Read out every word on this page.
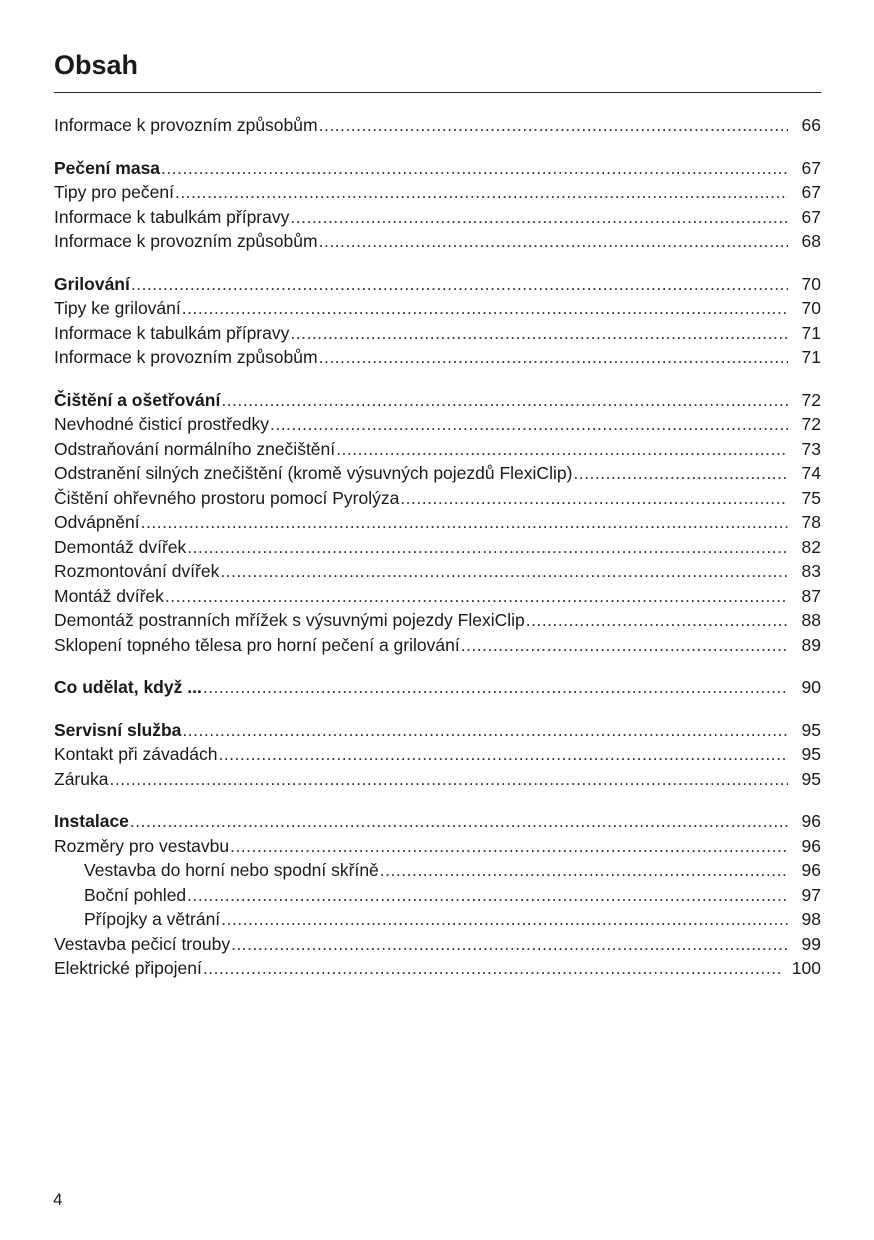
Obsah
Informace k provozním způsobům .....	66
Pečení masa .....	67
Tipy pro pečení .....	67
Informace k tabulkám přípravy .....	67
Informace k provozním způsobům .....	68
Grilování .....	70
Tipy ke grilování .....	70
Informace k tabulkám přípravy .....	71
Informace k provozním způsobům .....	71
Čištění a ošetřování .....	72
Nevhodné čisticí prostředky .....	72
Odstraňování normálního znečištění .....	73
Odstranění silných znečištění (kromě výsuvných pojezdů FlexiClip) .....	74
Čištění ohřevného prostoru pomocí Pyrolýza .....	75
Odvápnění .....	78
Demontáž dvířek .....	82
Rozmontování dvířek .....	83
Montáž dvířek .....	87
Demontáž postranních mřížek s výsuvnými pojezdy FlexiClip .....	88
Sklopení topného tělesa pro horní pečení a grilování .....	89
Co udělat, když ... .....	90
Servisní služba .....	95
Kontakt při závadách .....	95
Záruka .....	95
Instalace .....	96
Rozměry pro vestavbu .....	96
Vestavba do horní nebo spodní skříně .....	96
Boční pohled .....	97
Přípojky a větrání .....	98
Vestavba pečicí trouby .....	99
Elektrické připojení .....	100
4
